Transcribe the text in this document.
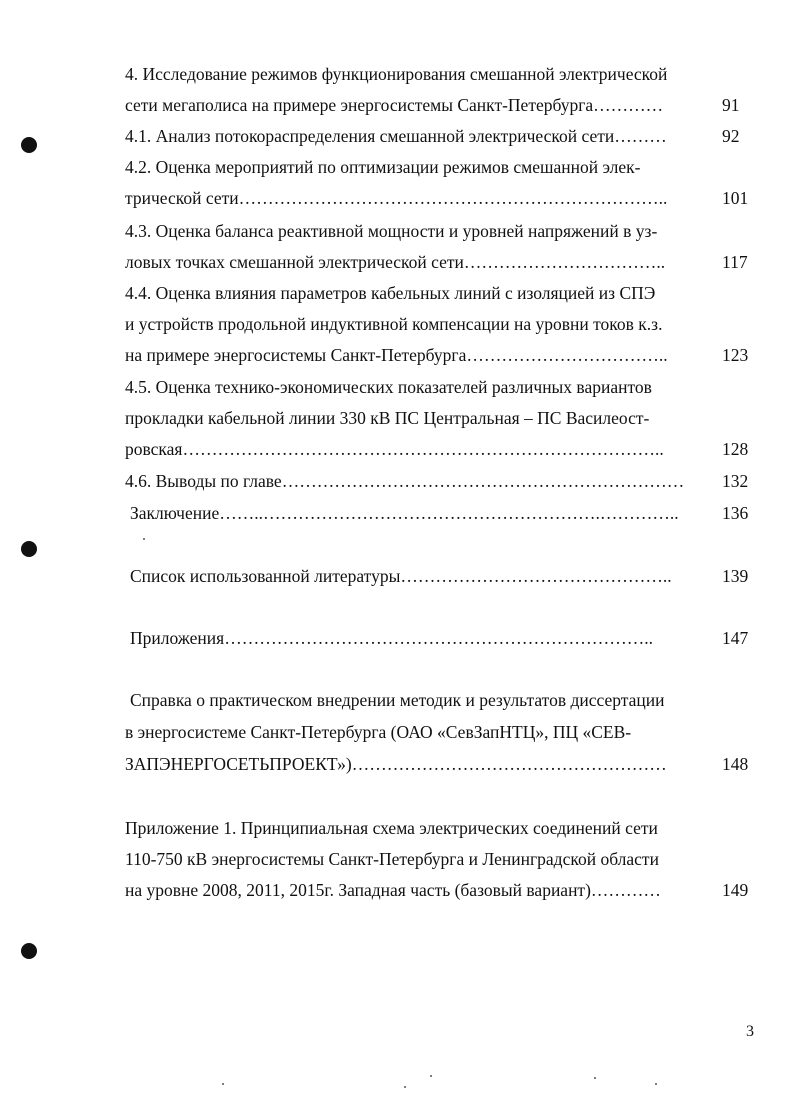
4. Исследование режимов функционирования смешанной электрической
сети мегаполиса на примере энергосистемы Санкт-Петербурга…………	91
4.1. Анализ потокораспределения смешанной электрической сети………	92
4.2. Оценка мероприятий по оптимизации режимов смешанной элек-
трической сети………………………………………………………………..	101
4.3. Оценка баланса реактивной мощности и уровней напряжений в уз-
ловых точках смешанной электрической сети……………………………..	117
4.4. Оценка влияния параметров кабельных линий с изоляцией из СПЭ
и устройств продольной индуктивной компенсации на уровни токов к.з.
на примере энергосистемы Санкт-Петербурга……………………………..	123
4.5. Оценка технико-экономических показателей различных вариантов
прокладки кабельной линии 330 кВ ПС Центральная – ПС Василеост-
ровская………………………………………………………………………..	128
4.6. Выводы по главе……………………………………………………………	132
Заключение……..………………………………………………….…………..	136
Список использованной литературы………………………………………..	139
Приложения………………………………………………………………..	147
Справка о практическом внедрении методик и результатов диссертации
в энергосистеме Санкт-Петербурга (ОАО «СевЗапНТЦ», ПЦ «СЕВ-
ЗАПЭНЕРГОСЕТЬПРОЕКТ»)………………………………………………	148
Приложение 1. Принципиальная схема электрических соединений сети
110-750 кВ энергосистемы Санкт-Петербурга и Ленинградской области
на уровне 2008, 2011, 2015г. Западная часть (базовый вариант)…………	149
3
